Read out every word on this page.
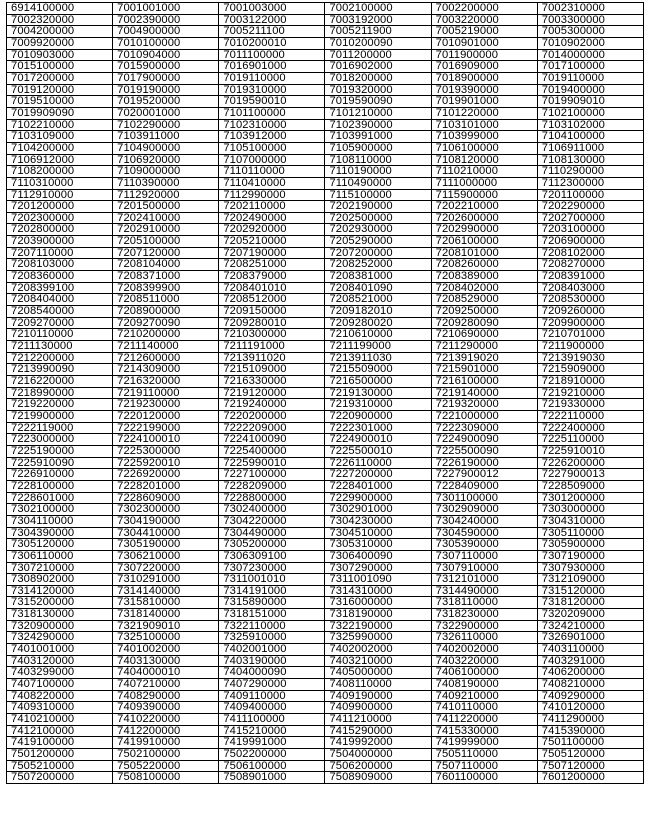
6914100000	7001001000	7001003000	7002100000	7002200000	7002310000
7002320000	7002390000	7003122000	7003192000	7003220000	7003300000
7004200000	7004900000	7005211100	7005211900	7005219000	7005300000
7009920000	7010100000	7010200010	7010200090	7010901000	7010902000
7010903000	7010904000	7011100000	7011200000	7011900000	7014000000
7015100000	7015900000	7016901000	7016902000	7016909000	7017100000
7017200000	7017900000	7019110000	7018200000	7018900000	7019110000
7019120000	7019190000	7019310000	7019320000	7019390000	7019400000
7019510000	7019520000	7019590010	7019590090	7019901000	7019909010
7019909090	7020001000	7101100000	7101210000	7101220000	7102100000
7102210000	7102290000	7102310000	7102390000	7103101000	7103102000
7103109000	7103911000	7103912000	7103991000	7103999000	7104100000
7104200000	7104900000	7105100000	7105900000	7106100000	7106911000
7106912000	7106920000	7107000000	7108110000	7108120000	7108130000
7108200000	7109000000	7110110000	7110190000	7110210000	7110290000
7110310000	7110390000	7110410000	7110490000	7111000000	7112300000
7112910000	7112920000	7112990000	7115100000	7115900000	7201100000
7201200000	7201500000	7202110000	7202190000	7202210000	7202290000
7202300000	7202410000	7202490000	7202500000	7202600000	7202700000
7202800000	7202910000	7202920000	7202930000	7202990000	7203100000
7203900000	7205100000	7205210000	7205290000	7206100000	7206900000
7207110000	7207120000	7207190000	7207200000	7208101000	7208102000
7208103000	7208104000	7208251000	7208252000	7208260000	7208270000
7208360000	7208371000	7208379000	7208381000	7208389000	7208391000
7208399100	7208399900	7208401010	7208401090	7208402000	7208403000
7208404000	7208511000	7208512000	7208521000	7208529000	7208530000
7208540000	7208900000	7209150000	7209182010	7209250000	7209260000
7209270000	7209270090	7209280010	7209280020	7209280090	7209900000
7210110000	7210200000	7210300000	7210610000	7210690000	7210701000
7211130000	7211140000	7211191000	7211199000	7211290000	7211900000
7212200000	7212600000	7213911020	7213911030	7213919020	7213919030
7213990090	7214309000	7215109000	7215509000	7215901000	7215909000
7216220000	7216320000	7216330000	7216500000	7216100000	7218910000
7218990000	7219110000	7219120000	7219130000	7219140000	7219210000
7219220000	7219230000	7219240000	7219310000	7219320000	7219330000
7219900000	7220120000	7220200000	7220900000	7221000000	7222110000
7222119000	7222199000	7222209000	7222301000	7222309000	7222400000
7223000000	7224100010	7224100090	7224900010	7224900090	7225110000
7225190000	7225300000	7225400000	7225500010	7225500090	7225910010
7225910090	7225920010	7225990010	7226110000	7226190000	7226200000
7226910000	7226920000	7227100000	7227200000	7227900012	7227900013
7228100000	7228201000	7228209000	7228401000	7228409000	7228509000
7228601000	7228609000	7228800000	7229900000	7301100000	7301200000
7302100000	7302300000	7302400000	7302901000	7302909000	7303000000
7304110000	7304190000	7304220000	7304230000	7304240000	7304310000
7304390000	7304410000	7304490000	7304510000	7304590000	7305110000
7305120000	7305190000	7305200000	7305310000	7305390000	7305900000
7306110000	7306210000	7306309100	7306400090	7307110000	7307190000
7307210000	7307220000	7307230000	7307290000	7307910000	7307930000
7308902000	7310291000	7311001010	7311001090	7312101000	7312109000
7314120000	7314140000	7314191000	7314310000	7314490000	7315120000
7315200000	7315810000	7315890000	7316000000	7318110000	7318120000
7318130000	7318140000	7318151000	7318190000	7318230000	7320209000
7320900000	7321909010	7322110000	7322190000	7322900000	7324210000
7324290000	7325100000	7325910000	7325990000	7326110000	7326901000
7401001000	7401002000	7402001000	7402002000	7402002000	7403110000
7403120000	7403130000	7403190000	7403210000	7403220000	7403291000
7403299000	7404000010	7404000090	7405000000	7406100000	7406200000
7407100000	7407210000	7407290000	7408110000	7408190000	7408210000
7408220000	7408290000	7409110000	7409190000	7409210000	7409290000
7409310000	7409390000	7409400000	7409900000	7410110000	7410120000
7410210000	7410220000	7411100000	7411210000	7411220000	7411290000
7412100000	7412200000	7415210000	7415290000	7415330000	7415390000
7419100000	7419910000	7419991000	7419992000	7419999000	7501100000
7501200000	7502100000	7502200000	7504000000	7505110000	7505120000
7505210000	7505220000	7506100000	7506200000	7507110000	7507120000
7507200000	7508100000	7508901000	7508909000	7601100000	7601200000
